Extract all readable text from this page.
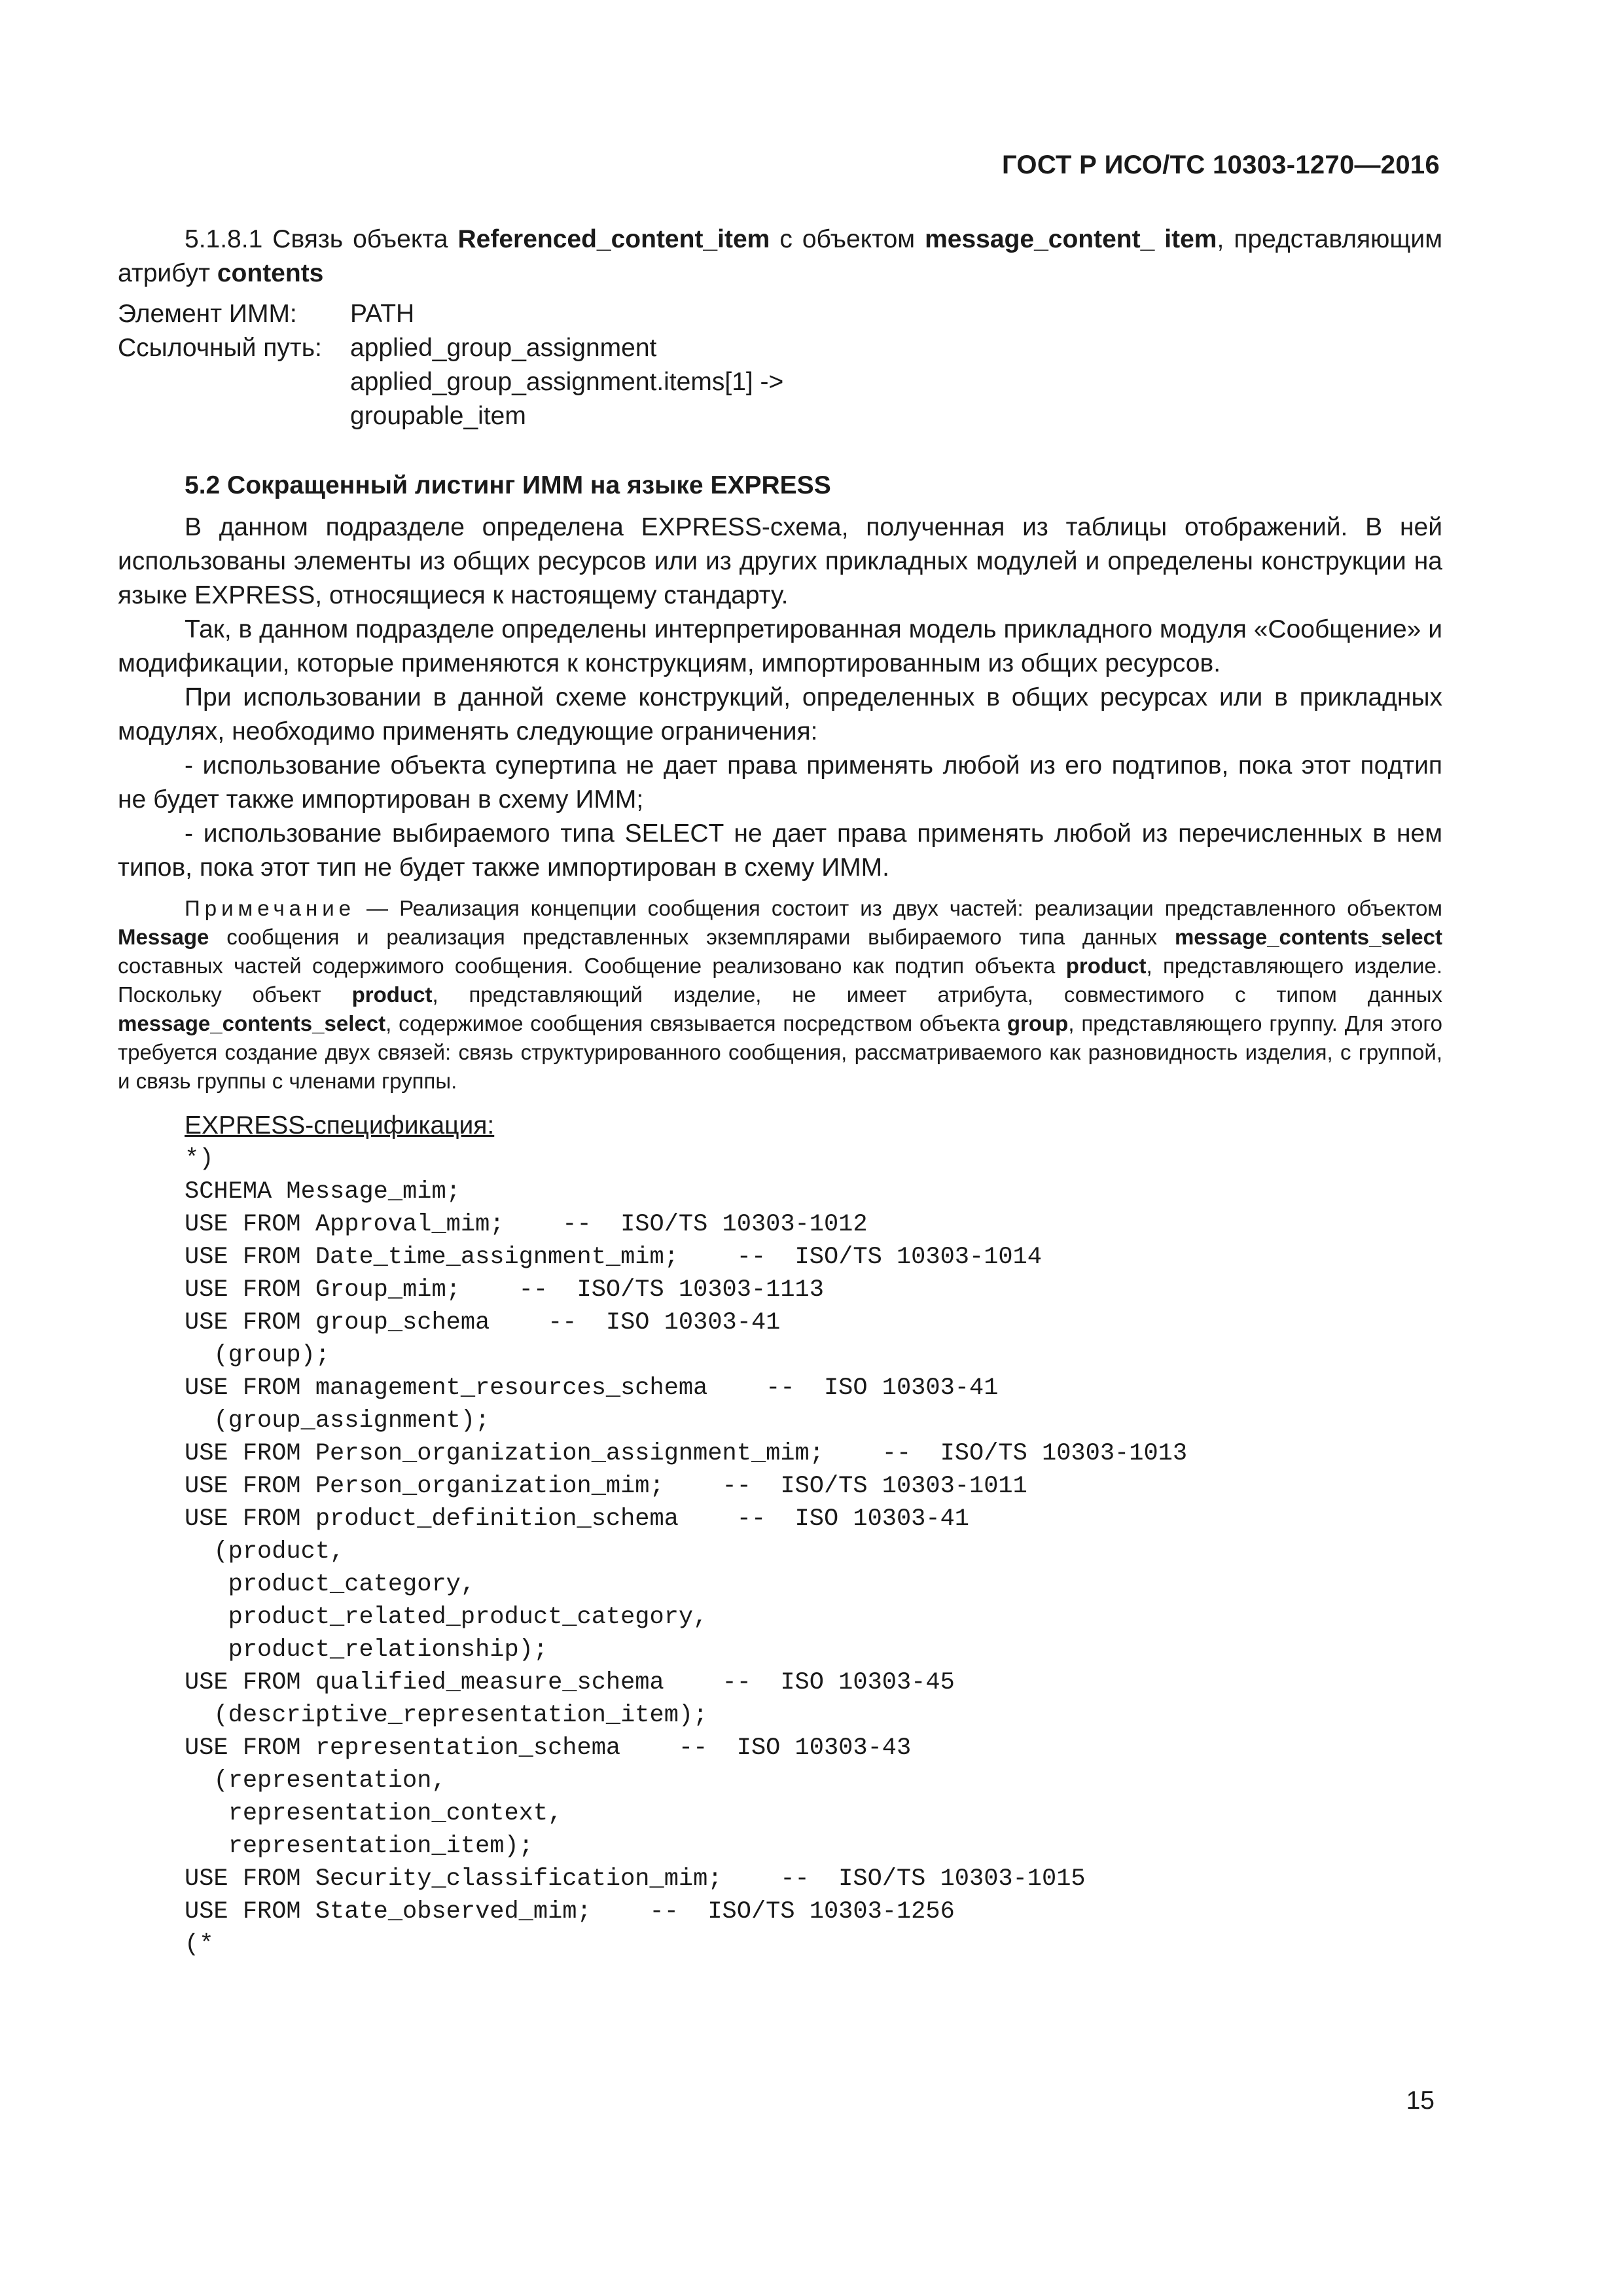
ГОСТ Р ИСО/ТС 10303-1270—2016

5.1.8.1 Связь объекта Referenced_content_item с объектом message_content_ item, представляющим атрибут contents

Элемент ИММ:	PATH
Ссылочный путь:	applied_group_assignment
applied_group_assignment.items[1] ->
groupable_item
5.2 Сокращенный листинг ИММ на языке EXPRESS

В данном подразделе определена EXPRESS-схема, полученная из таблицы отображений. В ней использованы элементы из общих ресурсов или из других прикладных модулей и определены конструкции на языке EXPRESS, относящиеся к настоящему стандарту.

Так, в данном подразделе определены интерпретированная модель прикладного модуля «Сообщение» и модификации, которые применяются к конструкциям, импортированным из общих ресурсов.

При использовании в данной схеме конструкций, определенных в общих ресурсах или в прикладных модулях, необходимо применять следующие ограничения:

- использование объекта супертипа не дает права применять любой из его подтипов, пока этот подтип не будет также импортирован в схему ИММ;

- использование выбираемого типа SELECT не дает права применять любой из перечисленных в нем типов, пока этот тип не будет также импортирован в схему ИММ.

Примечание — Реализация концепции сообщения состоит из двух частей: реализации представленного объектом Message сообщения и реализация представленных экземплярами выбираемого типа данных message_contents_select составных частей содержимого сообщения. Сообщение реализовано как подтип объекта product, представляющего изделие. Поскольку объект product, представляющий изделие, не имеет атрибута, совместимого с типом данных message_contents_select, содержимое сообщения связывается посредством объекта group, представляющего группу. Для этого требуется создание двух связей: связь структурированного сообщения, рассматриваемого как разновидность изделия, с группой, и связь группы с членами группы.

EXPRESS-спецификация:
*)
SCHEMA Message_mim;
USE FROM Approval_mim;    --  ISO/TS 10303-1012
USE FROM Date_time_assignment_mim;    --  ISO/TS 10303-1014
USE FROM Group_mim;    --  ISO/TS 10303-1113
USE FROM group_schema    --  ISO 10303-41
(group);
USE FROM management_resources_schema    --  ISO 10303-41
(group_assignment);
USE FROM Person_organization_assignment_mim;    --  ISO/TS 10303-1013
USE FROM Person_organization_mim;    --  ISO/TS 10303-1011
USE FROM product_definition_schema    --  ISO 10303-41
(product,
product_category,
product_related_product_category,
product_relationship);
USE FROM qualified_measure_schema    --  ISO 10303-45
(descriptive_representation_item);
USE FROM representation_schema    --  ISO 10303-43
(representation,
representation_context,
representation_item);
USE FROM Security_classification_mim;    --  ISO/TS 10303-1015
USE FROM State_observed_mim;    --  ISO/TS 10303-1256
(*
15
